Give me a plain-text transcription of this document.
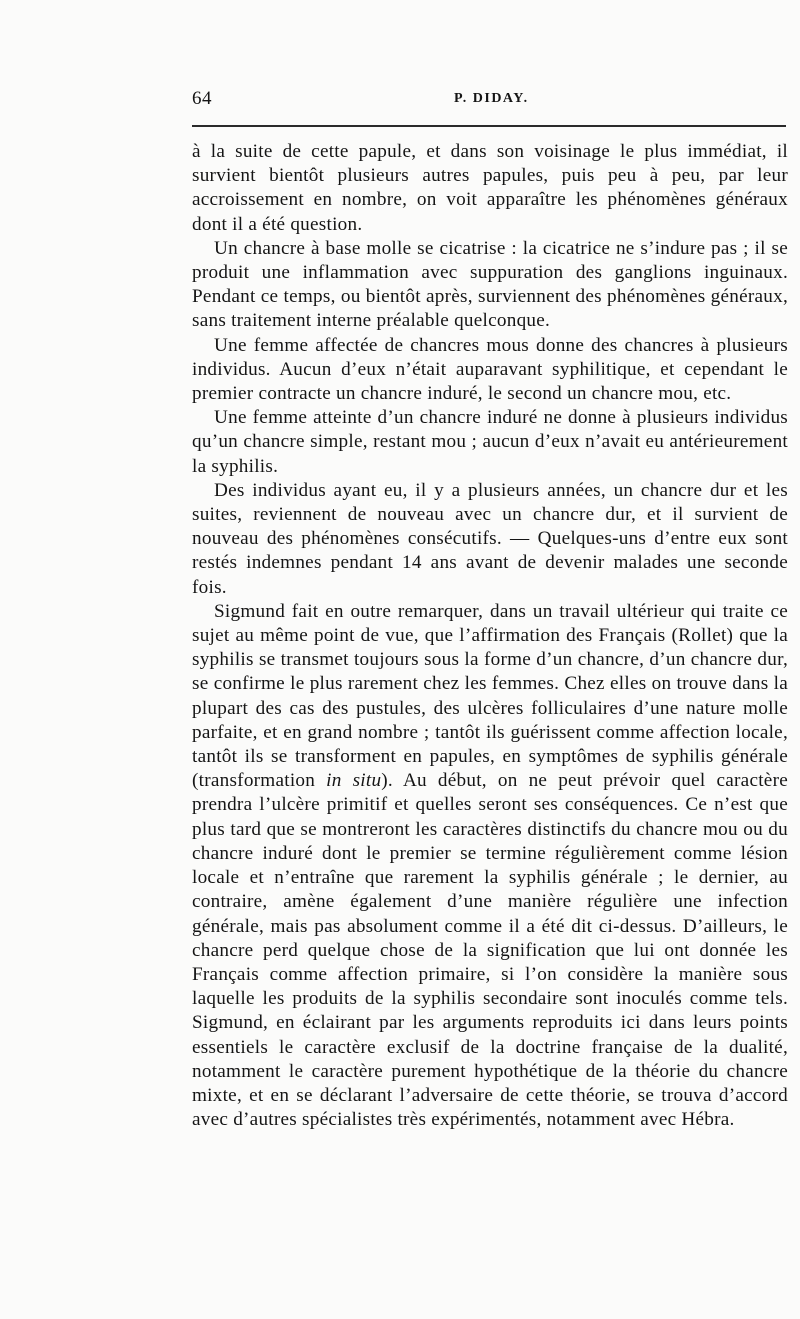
64	P. DIDAY.

à la suite de cette papule, et dans son voisinage le plus immédiat, il survient bientôt plusieurs autres papules, puis peu à peu, par leur accroissement en nombre, on voit apparaître les phénomènes généraux dont il a été question.

Un chancre à base molle se cicatrise : la cicatrice ne s’indure pas ; il se produit une inflammation avec suppuration des ganglions inguinaux. Pendant ce temps, ou bientôt après, surviennent des phénomènes généraux, sans traitement interne préalable quelconque.

Une femme affectée de chancres mous donne des chancres à plusieurs individus. Aucun d’eux n’était auparavant syphilitique, et cependant le premier contracte un chancre induré, le second un chancre mou, etc.

Une femme atteinte d’un chancre induré ne donne à plusieurs individus qu’un chancre simple, restant mou ; aucun d’eux n’avait eu antérieurement la syphilis.

Des individus ayant eu, il y a plusieurs années, un chancre dur et les suites, reviennent de nouveau avec un chancre dur, et il survient de nouveau des phénomènes consécutifs. — Quelques-uns d’entre eux sont restés indemnes pendant 14 ans avant de devenir malades une seconde fois.

Sigmund fait en outre remarquer, dans un travail ultérieur qui traite ce sujet au même point de vue, que l’affirmation des Français (Rollet) que la syphilis se transmet toujours sous la forme d’un chancre, d’un chancre dur, se confirme le plus rarement chez les femmes. Chez elles on trouve dans la plupart des cas des pustules, des ulcères folliculaires d’une nature molle parfaite, et en grand nombre ; tantôt ils guérissent comme affection locale, tantôt ils se transforment en papules, en symptômes de syphilis générale (transformation in situ). Au début, on ne peut prévoir quel caractère prendra l’ulcère primitif et quelles seront ses conséquences. Ce n’est que plus tard que se montreront les caractères distinctifs du chancre mou ou du chancre induré dont le premier se termine régulièrement comme lésion locale et n’entraîne que rarement la syphilis générale ; le dernier, au contraire, amène également d’une manière régulière une infection générale, mais pas absolument comme il a été dit ci-dessus. D’ailleurs, le chancre perd quelque chose de la signification que lui ont donnée les Français comme affection primaire, si l’on considère la manière sous laquelle les produits de la syphilis secondaire sont inoculés comme tels. Sigmund, en éclairant par les arguments reproduits ici dans leurs points essentiels le caractère exclusif de la doctrine française de la dualité, notamment le caractère purement hypothétique de la théorie du chancre mixte, et en se déclarant l’adversaire de cette théorie, se trouva d’accord avec d’autres spécialistes très expérimentés, notamment avec Hébra.
